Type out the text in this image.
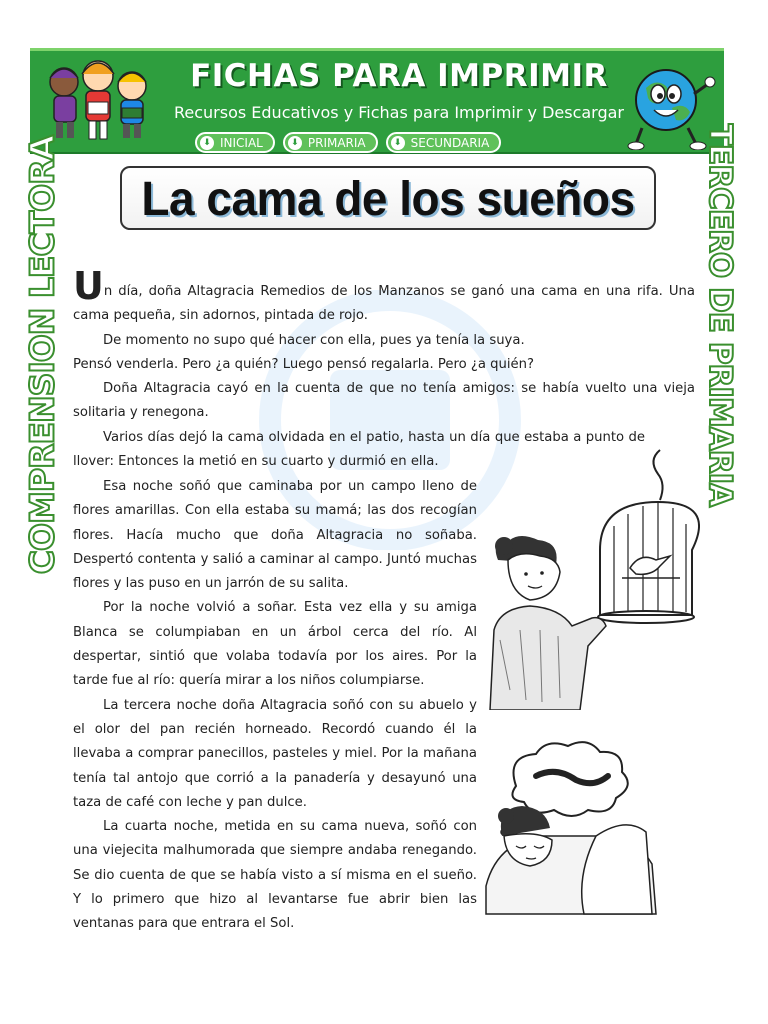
FICHAS PARA IMPRIMIR
Recursos Educativos y Fichas para Imprimir y Descargar
⬇ INICIAL	⬇ PRIMARIA	⬇ SECUNDARIA
COMPRENSION LECTORA	TERCERO DE PRIMARIA
La cama de los sueños

Un día, doña Altagracia Remedios de los Manzanos se ganó una cama en una rifa. Una cama pequeña, sin adornos, pintada de rojo.

De momento no supo qué hacer con ella, pues ya tenía la suya.

Pensó venderla. Pero ¿a quién? Luego pensó regalarla. Pero ¿a quién?

Doña Altagracia cayó en la cuenta de que no tenía amigos: se había vuelto una vieja solitaria y renegona.

Varios días dejó la cama olvidada en el patio, hasta un día que estaba a punto de llover: Entonces la metió en su cuarto y durmió en ella.

Esa noche soñó que caminaba por un campo lleno de flores amarillas. Con ella estaba su mamá; las dos recogían flores. Hacía mucho que doña Altagracia no soñaba. Despertó contenta y salió a caminar al campo. Juntó muchas flores y las puso en un jarrón de su salita.

Por la noche volvió a soñar. Esta vez ella y su amiga Blanca se columpiaban en un árbol cerca del río. Al despertar, sintió que volaba todavía por los aires. Por la tarde fue al río: quería mirar a los niños columpiarse.

La tercera noche doña Altagracia soñó con su abuelo y el olor del pan recién horneado. Recordó cuando él la llevaba a comprar panecillos, pasteles y miel. Por la mañana tenía tal antojo que corrió a la panadería y desayunó una taza de café con leche y pan dulce.

La cuarta noche, metida en su cama nueva, soñó con una viejecita malhumorada que siempre andaba renegando. Se dio cuenta de que se había visto a sí misma en el sueño. Y lo primero que hizo al levantarse fue abrir bien las ventanas para que entrara el Sol.
